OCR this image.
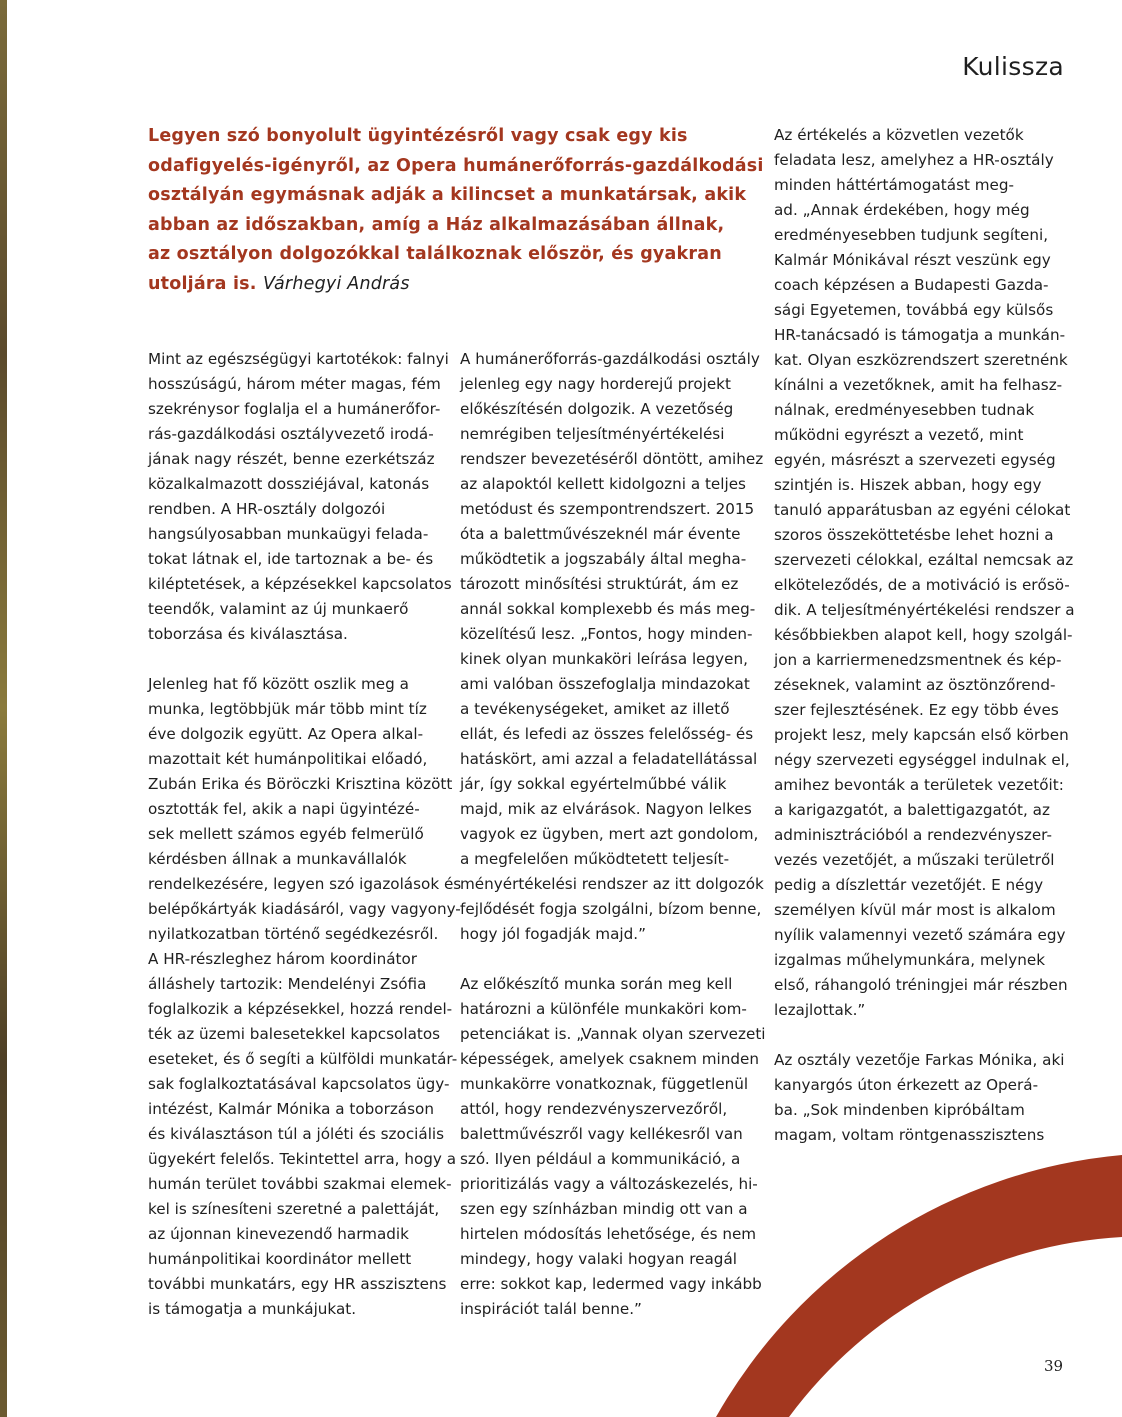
Kulissza
Legyen szó bonyolult ügyintézésről vagy csak egy kis
odafigyelés-igényről, az Opera humánerőforrás-gazdálkodási
osztályán egymásnak adják a kilincset a munkatársak, akik
abban az időszakban, amíg a Ház alkalmazásában állnak,
az osztályon dolgozókkal találkoznak először, és gyakran
utoljára is. Várhegyi András
Mint az egészségügyi kartotékok: falnyi
hosszúságú, három méter magas, fém
szekrénysor foglalja el a humánerőfor-
rás-gazdálkodási osztályvezető irodá-
jának nagy részét, benne ezerkétszáz
közalkalmazott dossziéjával, katonás
rendben. A HR-osztály dolgozói
hangsúlyosabban munkaügyi felada-
tokat látnak el, ide tartoznak a be- és
kiléptetések, a képzésekkel kapcsolatos
teendők, valamint az új munkaerő
toborzása és kiválasztása.
Jelenleg hat fő között oszlik meg a
munka, legtöbbjük már több mint tíz
éve dolgozik együtt. Az Opera alkal-
mazottait két humánpolitikai előadó,
Zubán Erika és Böröczki Krisztina között
osztották fel, akik a napi ügyintézé-
sek mellett számos egyéb felmerülő
kérdésben állnak a munkavállalók
rendelkezésére, legyen szó igazolások és
belépőkártyák kiadásáról, vagy vagyony-
nyilatkozatban történő segédkezésről.
A HR-részleghez három koordinátor
álláshely tartozik: Mendelényi Zsófia
foglalkozik a képzésekkel, hozzá rendel-
ték az üzemi balesetekkel kapcsolatos
eseteket, és ő segíti a külföldi munkatár-
sak foglalkoztatásával kapcsolatos ügy-
intézést, Kalmár Mónika a toborzáson
és kiválasztáson túl a jóléti és szociális
ügyekért felelős. Tekintettel arra, hogy a
humán terület további szakmai elemek-
kel is színesíteni szeretné a palettáját,
az újonnan kinevezendő harmadik
humánpolitikai koordinátor mellett
további munkatárs, egy HR asszisztens
is támogatja a munkájukat.
A humánerőforrás-gazdálkodási osztály
jelenleg egy nagy horderejű projekt
előkészítésén dolgozik. A vezetőség
nemrégiben teljesítményértékelési
rendszer bevezetéséről döntött, amihez
az alapoktól kellett kidolgozni a teljes
metódust és szempontrendszert. 2015
óta a balettművészeknél már évente
működtetik a jogszabály által megha-
tározott minősítési struktúrát, ám ez
annál sokkal komplexebb és más meg-
közelítésű lesz. „Fontos, hogy minden-
kinek olyan munkaköri leírása legyen,
ami valóban összefoglalja mindazokat
a tevékenységeket, amiket az illető
ellát, és lefedi az összes felelősség- és
hatáskört, ami azzal a feladatellátással
jár, így sokkal egyértelműbbé válik
majd, mik az elvárások. Nagyon lelkes
vagyok ez ügyben, mert azt gondolom,
a megfelelően működtetett teljesít-
ményértékelési rendszer az itt dolgozók
fejlődését fogja szolgálni, bízom benne,
hogy jól fogadják majd.”
Az előkészítő munka során meg kell
határozni a különféle munkaköri kom-
petenciákat is. „Vannak olyan szervezeti
képességek, amelyek csaknem minden
munkakörre vonatkoznak, függetlenül
attól, hogy rendezvényszervezőről,
balettművészről vagy kellékesről van
szó. Ilyen például a kommunikáció, a
prioritizálás vagy a változáskezelés, hi-
szen egy színházban mindig ott van a
hirtelen módosítás lehetősége, és nem
mindegy, hogy valaki hogyan reagál
erre: sokkot kap, ledermed vagy inkább
inspirációt talál benne.”
Az értékelés a közvetlen vezetők
feladata lesz, amelyhez a HR-osztály
minden háttértámogatást meg-
ad. „Annak érdekében, hogy még
eredményesebben tudjunk segíteni,
Kalmár Mónikával részt veszünk egy
coach képzésen a Budapesti Gazda-
sági Egyetemen, továbbá egy külsős
HR-tanácsadó is támogatja a munkán-
kat. Olyan eszközrendszert szeretnénk
kínálni a vezetőknek, amit ha felhasz-
nálnak, eredményesebben tudnak
működni egyrészt a vezető, mint
egyén, másrészt a szervezeti egység
szintjén is. Hiszek abban, hogy egy
tanuló apparátusban az egyéni célokat
szoros összeköttetésbe lehet hozni a
szervezeti célokkal, ezáltal nemcsak az
elköteleződés, de a motiváció is erősö-
dik. A teljesítményértékelési rendszer a
későbbiekben alapot kell, hogy szolgál-
jon a karriermenedzsmentnek és kép-
zéseknek, valamint az ösztönzőrend-
szer fejlesztésének. Ez egy több éves
projekt lesz, mely kapcsán első körben
négy szervezeti egységgel indulnak el,
amihez bevonták a területek vezetőit:
a karigazgatót, a balettigazgatót, az
adminisztrációból a rendezvényszer-
vezés vezetőjét, a műszaki területről
pedig a díszlettár vezetőjét. E négy
személyen kívül már most is alkalom
nyílik valamennyi vezető számára egy
izgalmas műhelymunkára, melynek
első, ráhangoló tréningjei már részben
lezajlottak.”
Az osztály vezetője Farkas Mónika, aki
kanyargós úton érkezett az Operá-
ba. „Sok mindenben kipróbáltam
magam, voltam röntgenasszisztens
39
